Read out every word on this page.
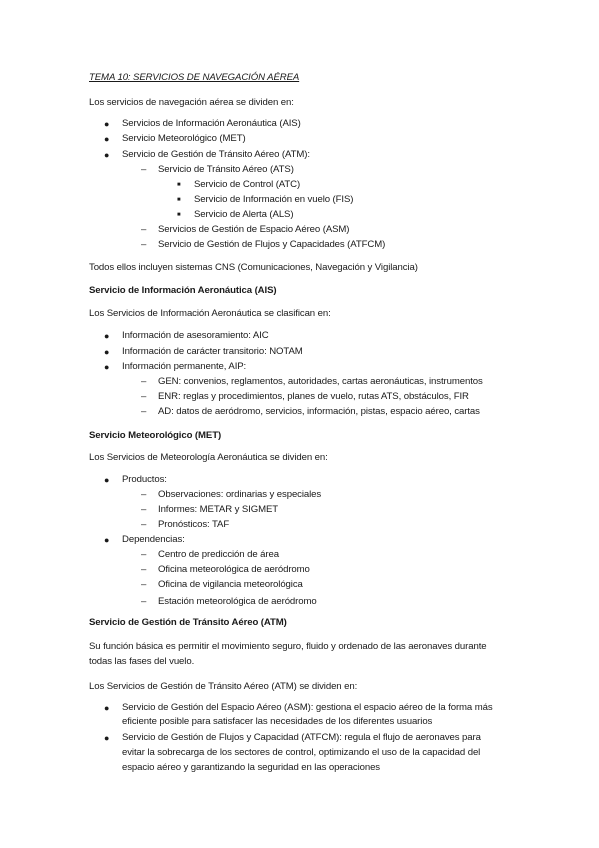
TEMA 10: SERVICIOS DE NAVEGACIÓN AÉREA
Los servicios de navegación aérea se dividen en:
● Servicios de Información Aeronáutica (AIS)
● Servicio Meteorológico (MET)
● Servicio de Gestión de Tránsito Aéreo (ATM):
– Servicio de Tránsito Aéreo (ATS)
■ Servicio de Control (ATC)
■ Servicio de Información en vuelo (FIS)
■ Servicio de Alerta (ALS)
– Servicios de Gestión de Espacio Aéreo (ASM)
– Servicio de Gestión de Flujos y Capacidades (ATFCM)
Todos ellos incluyen sistemas CNS (Comunicaciones, Navegación y Vigilancia)
Servicio de Información Aeronáutica (AIS)
Los Servicios de Información Aeronáutica se clasifican en:
● Información de asesoramiento: AIC
● Información de carácter transitorio: NOTAM
● Información permanente, AIP:
– GEN: convenios, reglamentos, autoridades, cartas aeronáuticas, instrumentos
– ENR: reglas y procedimientos, planes de vuelo, rutas ATS, obstáculos, FIR
– AD: datos de aeródromo, servicios, información, pistas, espacio aéreo, cartas
Servicio Meteorológico (MET)
Los Servicios de Meteorología Aeronáutica se dividen en:
● Productos:
– Observaciones: ordinarias y especiales
– Informes: METAR y SIGMET
– Pronósticos: TAF
● Dependencias:
– Centro de predicción de área
– Oficina meteorológica de aeródromo
– Oficina de vigilancia meteorológica
– Estación meteorológica de aeródromo
Servicio de Gestión de Tránsito Aéreo (ATM)
Su función básica es permitir el movimiento seguro, fluido y ordenado de las aeronaves durante
todas las fases del vuelo.
Los Servicios de Gestión de Tránsito Aéreo (ATM) se dividen en:
● Servicio de Gestión del Espacio Aéreo (ASM): gestiona el espacio aéreo de la forma más
eficiente posible para satisfacer las necesidades de los diferentes usuarios
● Servicio de Gestión de Flujos y Capacidad (ATFCM): regula el flujo de aeronaves para
evitar la sobrecarga de los sectores de control, optimizando el uso de la capacidad del
espacio aéreo y garantizando la seguridad en las operaciones
